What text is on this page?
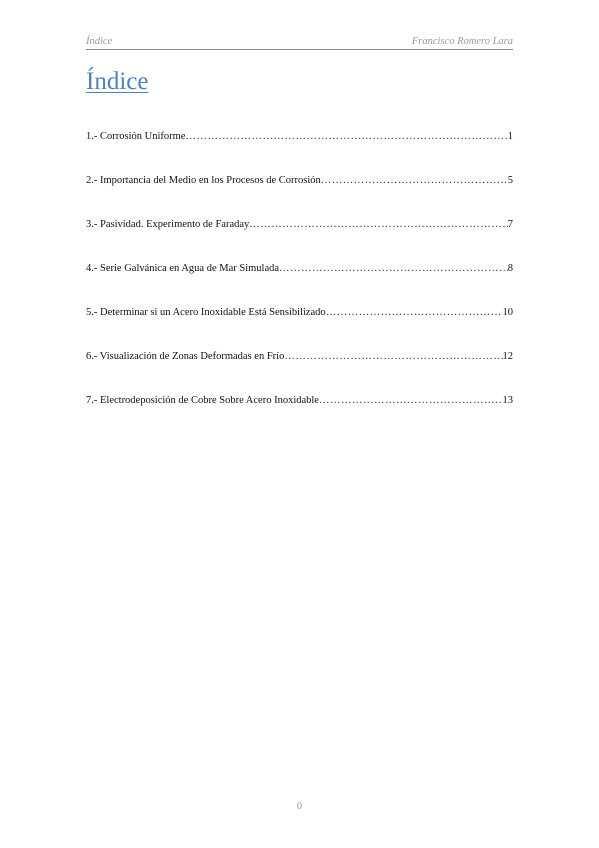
Índice	Francisco Romero Lara
Índice
1.- Corrosión Uniforme ……………………………………………………………………………………………………………………………………	1
2.- Importancia del Medio en los Procesos de Corrosión ……………………………………………………………………………………………………………………………………	5
3.- Pasividad. Experimento de Faraday ……………………………………………………………………………………………………………………………………	7
4.- Serie Galvánica en Agua de Mar Simulada ……………………………………………………………………………………………………………………………………	8
5.- Determinar si un Acero Inoxidable Está Sensibilizado ……………………………………………………………………………………………………………………………………	10
6.- Visualización de Zonas Deformadas en Frío ……………………………………………………………………………………………………………………………………	12
7.- Electrodeposición de Cobre Sobre Acero Inoxidable ……………………………………………………………………………………………………………………………………	13
0
